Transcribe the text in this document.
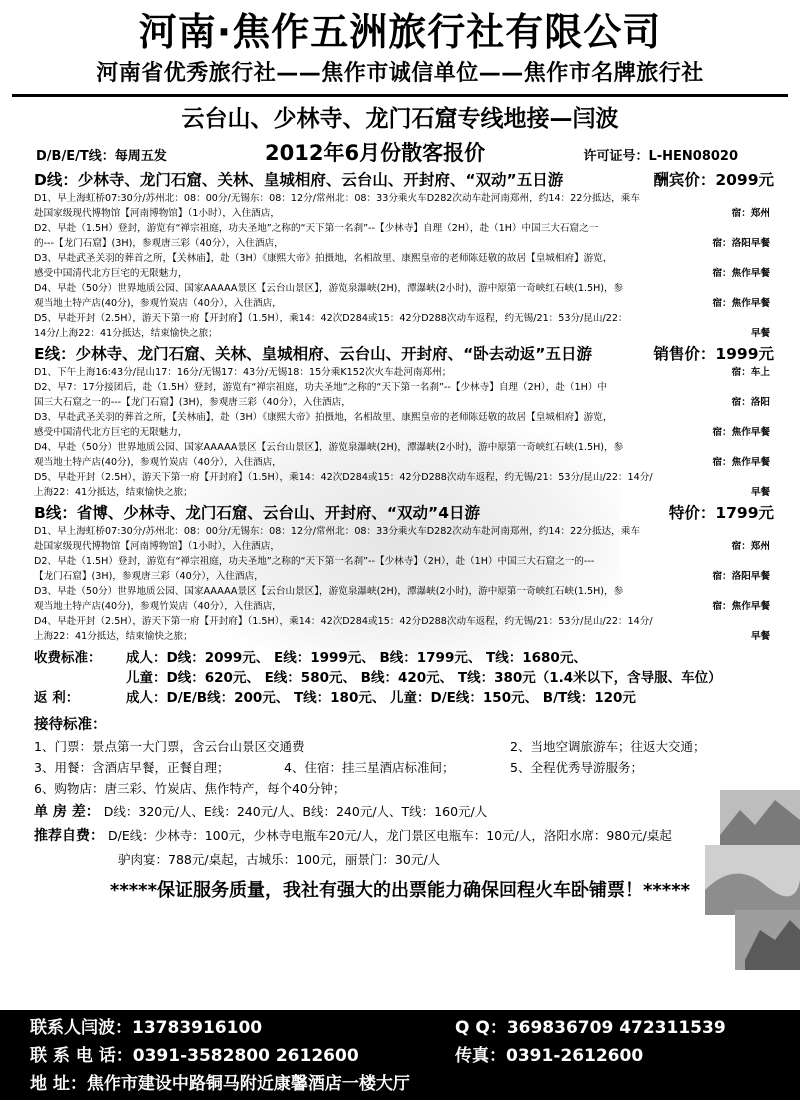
河南·焦作五洲旅行社有限公司
河南省优秀旅行社——焦作市诚信单位——焦作市名牌旅行社
云台山、少林寺、龙门石窟专线地接—闫波
D/B/E/T线：每周五发	2012年6月份散客报价	许可证号：L-HEN08020
D线：少林寺、龙门石窟、关林、皇城相府、云台山、开封府、“双动”五日游	酬宾价：2099元
D1、早上海虹桥07:30分/苏州北：08：00分/无锡东：08：12分/常州北：08：33分乘火车D282次动车赴河南郑州，约14：22分抵达，乘车
赴国家级现代博物馆【河南博物馆】（1小时），入住酒店，	宿：郑州
D2、早赴（1.5H）登封，游览有“禅宗祖庭，功夫圣地”之称的“天下第一名刹”--【少林寺】自理（2H），赴（1H）中国三大石窟之一
的---【龙门石窟】(3H)，参观唐三彩（40分），入住酒店，	宿：洛阳早餐
D3、早赴武圣关羽的葬首之所，【关林庙】，赴（3H）《康熙大帝》拍摄地，名相故里、康熙皇帝的老师陈廷敬的故居【皇城相府】游览，
感受中国清代北方巨宅的无限魅力，	宿：焦作早餐
D4、早赴（50分）世界地质公园、国家AAAAA景区【云台山景区】，游览泉瀑峡(2H)，潭瀑峡(2小时)，游中原第一奇峡红石峡(1.5H)，参
观当地土特产店(40分)，参观竹炭店（40分），入住酒店，	宿：焦作早餐
D5、早赴开封（2.5H），游天下第一府【开封府】（1.5H），乘14：42次D284或15：42分D288次动车返程，约无锡/21：53分/昆山/22：
14分/上海22：41分抵达，结束愉快之旅；	早餐
E线：少林寺、龙门石窟、关林、皇城相府、云台山、开封府、“卧去动返”五日游	销售价：1999元
D1、下午上海16:43分/昆山17：16分/无锡17：43分/无锡18：15分乘K152次火车赴河南郑州；	宿：车上
D2、早7：17分接团后，赴（1.5H）登封，游览有“禅宗祖庭，功夫圣地”之称的“天下第一名刹”--【少林寺】自理（2H），赴（1H）中
国三大石窟之一的---【龙门石窟】(3H)，参观唐三彩（40分），入住酒店，	宿：洛阳
D3、早赴武圣关羽的葬首之所，【关林庙】，赴（3H）《康熙大帝》拍摄地，名相故里、康熙皇帝的老师陈廷敬的故居【皇城相府】游览，
感受中国清代北方巨宅的无限魅力，	宿：焦作早餐
D4、早赴（50分）世界地质公园、国家AAAAA景区【云台山景区】，游览泉瀑峡(2H)，潭瀑峡(2小时)，游中原第一奇峡红石峡(1.5H)，参
观当地土特产店(40分)，参观竹炭店（40分），入住酒店，	宿：焦作早餐
D5、早赴开封（2.5H），游天下第一府【开封府】（1.5H），乘14：42次D284或15：42分D288次动车返程，约无锡/21：53分/昆山/22：14分/
上海22：41分抵达，结束愉快之旅；	早餐
B线：省博、少林寺、龙门石窟、云台山、开封府、“双动”4日游	特价：1799元
D1、早上海虹桥07:30分/苏州北：08：00分/无锡东：08：12分/常州北：08：33分乘火车D282次动车赴河南郑州，约14：22分抵达，乘车
赴国家级现代博物馆【河南博物馆】（1小时），入住酒店，	宿：郑州
D2、早赴（1.5H）登封，游览有“禅宗祖庭，功夫圣地”之称的“天下第一名刹”--【少林寺】（2H），赴（1H）中国三大石窟之一的---
【龙门石窟】(3H)，参观唐三彩（40分），入住酒店，	宿：洛阳早餐
D3、早赴（50分）世界地质公园、国家AAAAA景区【云台山景区】，游览泉瀑峡(2H)，潭瀑峡(2小时)，游中原第一奇峡红石峡(1.5H)，参
观当地土特产店(40分)，参观竹炭店（40分），入住酒店，	宿：焦作早餐
D4、早赴开封（2.5H），游天下第一府【开封府】（1.5H），乘14：42次D284或15：42分D288次动车返程，约无锡/21：53分/昆山/22：14分/
上海22：41分抵达，结束愉快之旅；	早餐
收费标准： 成人：D线：2099元、 E线：1999元、 B线：1799元、 T线：1680元、
儿童：D线：620元、 E线：580元、 B线：420元、 T线：380元（1.4米以下，含导服、车位）
返 利：	成人：D/E/B线：200元、 T线：180元、 儿童：D/E线：150元、 B/T线：120元
接待标准：
1、门票：景点第一大门票，含云台山景区交通费	2、当地空调旅游车；往返大交通；
3、用餐：含酒店早餐，正餐自理；	4、住宿：挂三星酒店标准间；	5、全程优秀导游服务；
6、购物店：唐三彩、竹炭店、焦作特产，每个40分钟；
单 房 差： D线：320元/人、E线：240元/人、B线：240元/人、T线：160元/人
推荐自费： D/E线：少林寺：100元，少林寺电瓶车20元/人，龙门景区电瓶车：10元/人，洛阳水席：980元/桌起
驴肉宴：788元/桌起，古城乐：100元，丽景门：30元/人
*****保证服务质量，我社有强大的出票能力确保回程火车卧铺票！*****
联系人闫波：13783916100	Q Q：369836709 472311539
联 系 电 话：0391-3582800 2612600	传真：0391-2612600
地 址：焦作市建设中路铜马附近康馨酒店一楼大厅
